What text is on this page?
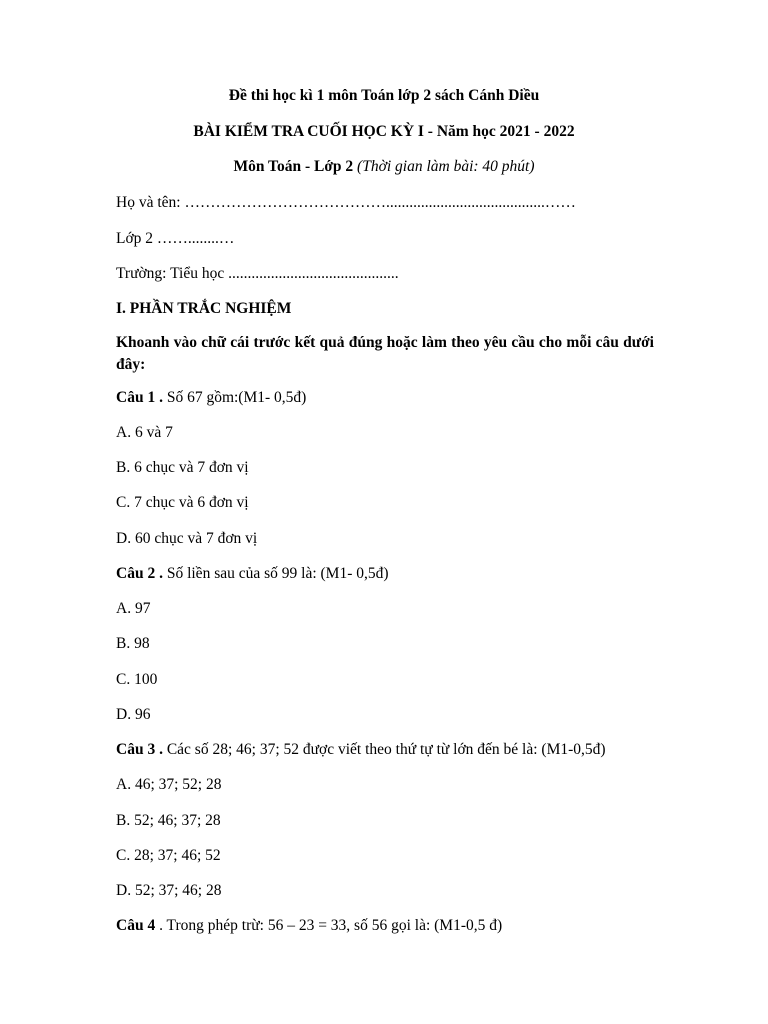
Đề thi học kì 1 môn Toán lớp 2 sách Cánh Diều
BÀI KIỂM TRA CUỐI HỌC KỲ I - Năm học 2021 - 2022
Môn Toán - Lớp 2 (Thời gian làm bài: 40 phút)
Họ và tên: ………………………………….........................................……
Lớp 2 ……........…
Trường: Tiểu học ............................................
I. PHẦN TRẮC NGHIỆM
Khoanh vào chữ cái trước kết quả đúng hoặc làm theo yêu cầu cho mỗi câu dưới đây:
Câu 1 . Số 67 gồm:(M1- 0,5đ)
A. 6 và 7
B. 6 chục và 7 đơn vị
C. 7 chục và 6 đơn vị
D. 60 chục và 7 đơn vị
Câu 2 . Số liền sau của số 99 là: (M1- 0,5đ)
A. 97
B. 98
C. 100
D. 96
Câu 3 . Các số 28; 46; 37; 52 được viết theo thứ tự từ lớn đến bé là: (M1-0,5đ)
A. 46; 37; 52; 28
B. 52; 46; 37; 28
C. 28; 37; 46; 52
D. 52; 37; 46; 28
Câu 4 . Trong phép trừ: 56 – 23 = 33, số 56 gọi là: (M1-0,5 đ)
